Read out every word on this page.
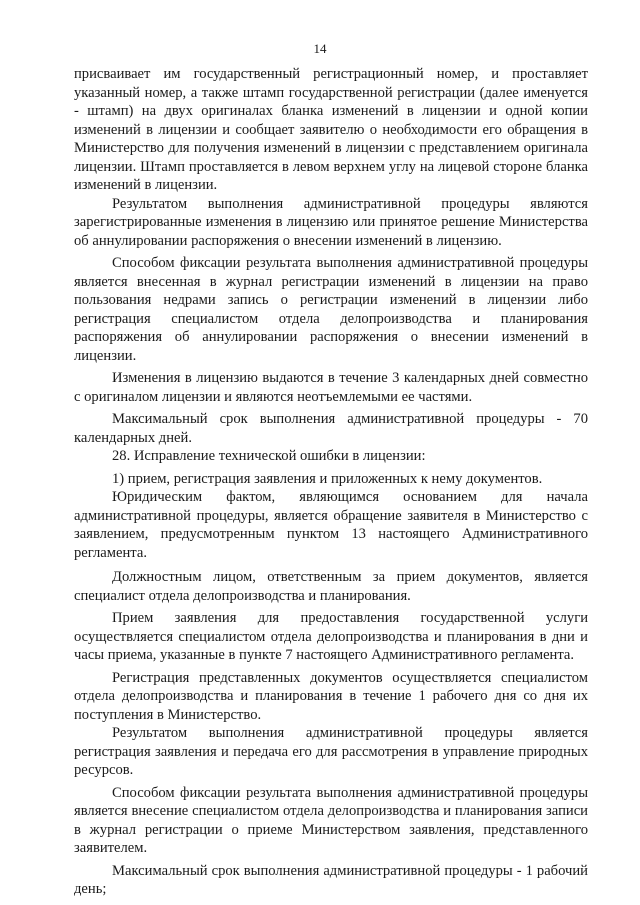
14

присваивает им государственный регистрационный номер, и проставляет указанный номер, а также штамп государственной регистрации (далее именуется - штамп) на двух оригиналах бланка изменений в лицензии и одной копии изменений в лицензии и сообщает заявителю о необходимости его обращения в Министерство для получения изменений в лицензии с представлением оригинала лицензии. Штамп проставляется в левом верхнем углу на лицевой стороне бланка изменений в лицензии.

Результатом выполнения административной процедуры являются зарегистрированные изменения в лицензию или принятое решение Министерства об аннулировании распоряжения о внесении изменений в лицензию.

Способом фиксации результата выполнения административной процедуры является внесенная в журнал регистрации изменений в лицензии на право пользования недрами запись о регистрации изменений в лицензии либо регистрация специалистом отдела делопроизводства и планирования распоряжения об аннулировании распоряжения о внесении изменений в лицензии.

Изменения в лицензию выдаются в течение 3 календарных дней совместно с оригиналом лицензии и являются неотъемлемыми ее частями.

Максимальный срок выполнения административной процедуры - 70 календарных дней.

28. Исправление технической ошибки в лицензии:

1) прием, регистрация заявления и приложенных к нему документов.

Юридическим фактом, являющимся основанием для начала административной процедуры, является обращение заявителя в Министерство с заявлением, предусмотренным пунктом 13 настоящего Административного регламента.

Должностным лицом, ответственным за прием документов, является специалист отдела делопроизводства и планирования.

Прием заявления для предоставления государственной услуги осуществляется специалистом отдела делопроизводства и планирования в дни и часы приема, указанные в пункте 7 настоящего Административного регламента.

Регистрация представленных документов осуществляется специалистом отдела делопроизводства и планирования в течение 1 рабочего дня со дня их поступления в Министерство.

Результатом выполнения административной процедуры является регистрация заявления и передача его для рассмотрения в управление природных ресурсов.

Способом фиксации результата выполнения административной процедуры является внесение специалистом отдела делопроизводства и планирования записи в журнал регистрации о приеме Министерством заявления, представленного заявителем.

Максимальный срок выполнения административной процедуры - 1 рабочий день;
